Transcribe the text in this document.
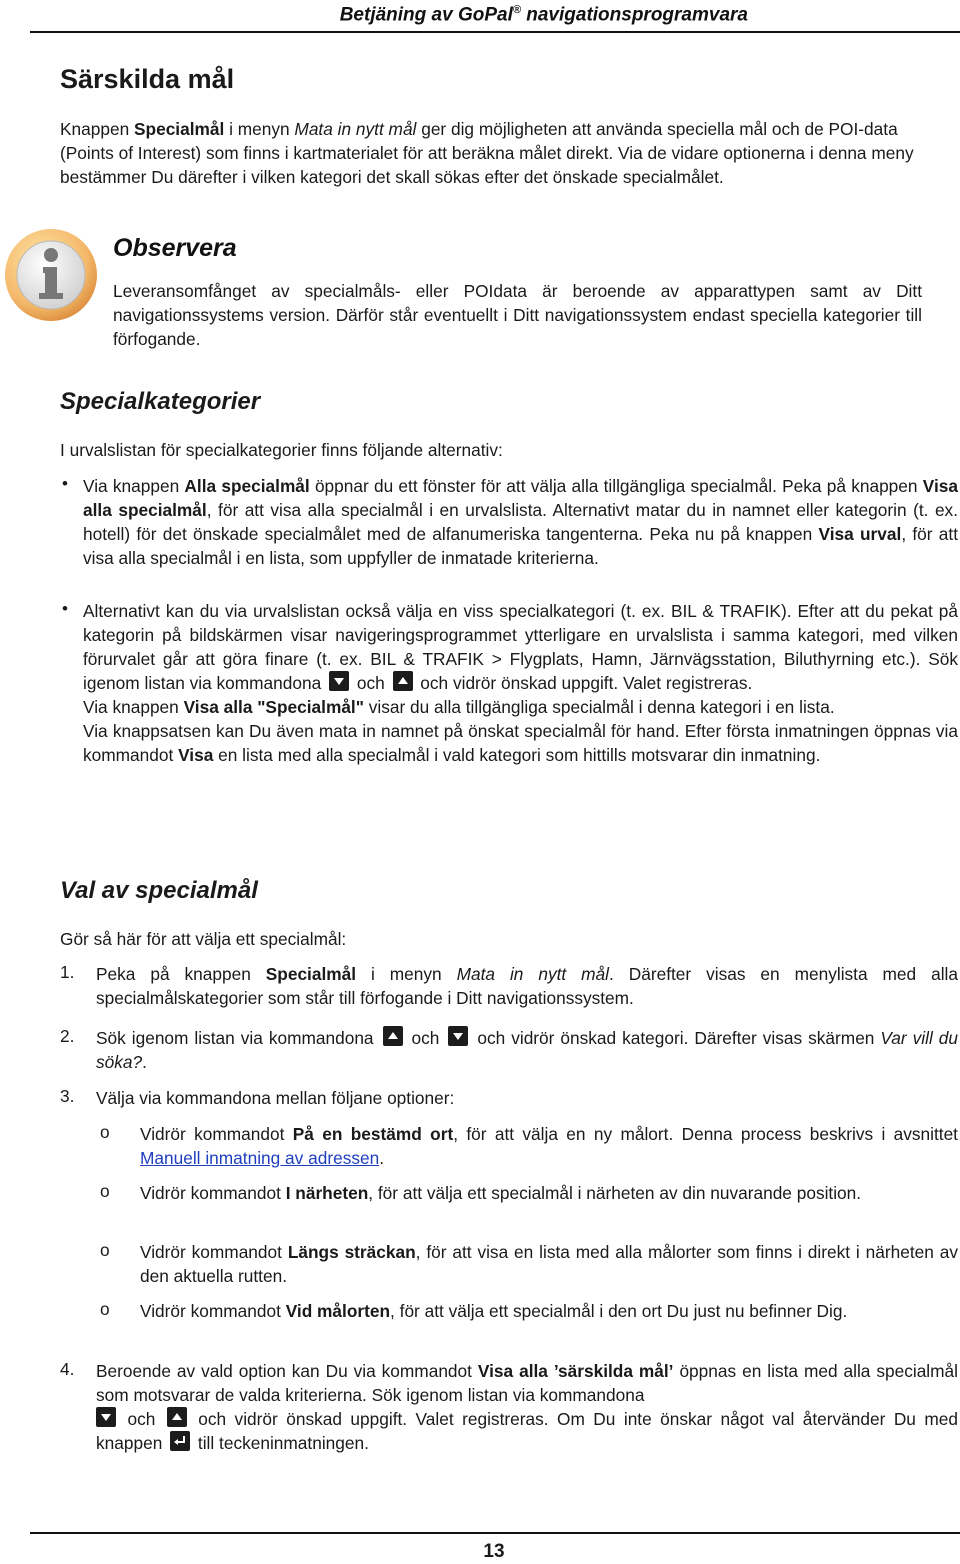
Betjäning av GoPal® navigationsprogramvara
Särskilda mål
Knappen Specialmål i menyn Mata in nytt mål ger dig möjligheten att använda speciella mål och de POI-data (Points of Interest) som finns i kartmaterialet för att beräkna målet direkt. Via de vidare optionerna i denna meny bestämmer Du därefter i vilken kategori det skall sökas efter det önskade specialmålet.
Observera
Leveransomfånget av specialmåls- eller POIdata är beroende av apparattypen samt av Ditt navigationssystems version. Därför står eventuellt i Ditt navigationssystem endast speciella kategorier till förfogande.
Specialkategorier
I urvalslistan för specialkategorier finns följande alternativ:
• Via knappen Alla specialmål öppnar du ett fönster för att välja alla tillgängliga specialmål. Peka på knappen Visa alla specialmål, för att visa alla specialmål i en urvalslista. Alternativt matar du in namnet eller kategorin (t. ex. hotell) för det önskade specialmålet med de alfanumeriska tangenterna. Peka nu på knappen Visa urval, för att visa alla specialmål i en lista, som uppfyller de inmatade kriterierna.
• Alternativt kan du via urvalslistan också välja en viss specialkategori (t. ex. BIL & TRAFIK). Efter att du pekat på kategorin på bildskärmen visar navigeringsprogrammet ytterligare en urvalslista i samma kategori, med vilken förurvalet går att göra finare (t. ex. BIL & TRAFIK > Flygplats, Hamn, Järnvägsstation, Biluthyrning etc.). Sök igenom listan via kommandona
och
och vidrör önskad uppgift. Valet registreras.
Via knappen Visa alla "Specialmål" visar du alla tillgängliga specialmål i denna kategori i en lista.
Via knappsatsen kan Du även mata in namnet på önskat specialmål för hand. Efter första inmatningen öppnas via kommandot Visa en lista med alla specialmål i vald kategori som hittills motsvarar din inmatning.
Val av specialmål
Gör så här för att välja ett specialmål:
1. Peka på knappen Specialmål i menyn Mata in nytt mål. Därefter visas en menylista med alla specialmålskategorier som står till förfogande i Ditt navigationssystem.
2. Sök igenom listan via kommandona
och
och vidrör önskad kategori. Därefter visas skärmen Var vill du söka?.
3. Välja via kommandona mellan följane optioner:
o Vidrör kommandot På en bestämd ort, för att välja en ny målort. Denna process beskrivs i avsnittet Manuell inmatning av adressen.
o Vidrör kommandot I närheten, för att välja ett specialmål i närheten av din nuvarande position.
o Vidrör kommandot Längs sträckan, för att visa en lista med alla målorter som finns i direkt i närheten av den aktuella rutten.
o Vidrör kommandot Vid målorten, för att välja ett specialmål i den ort Du just nu befinner Dig.
4. Beroende av vald option kan Du via kommandot Visa alla ’särskilda mål’ öppnas en lista med alla specialmål som motsvarar de valda kriterierna. Sök igenom listan via kommandona

och
och vidrör önskad uppgift. Valet registreras. Om Du inte önskar något val återvänder Du med knappen
till teckeninmatningen.
13
